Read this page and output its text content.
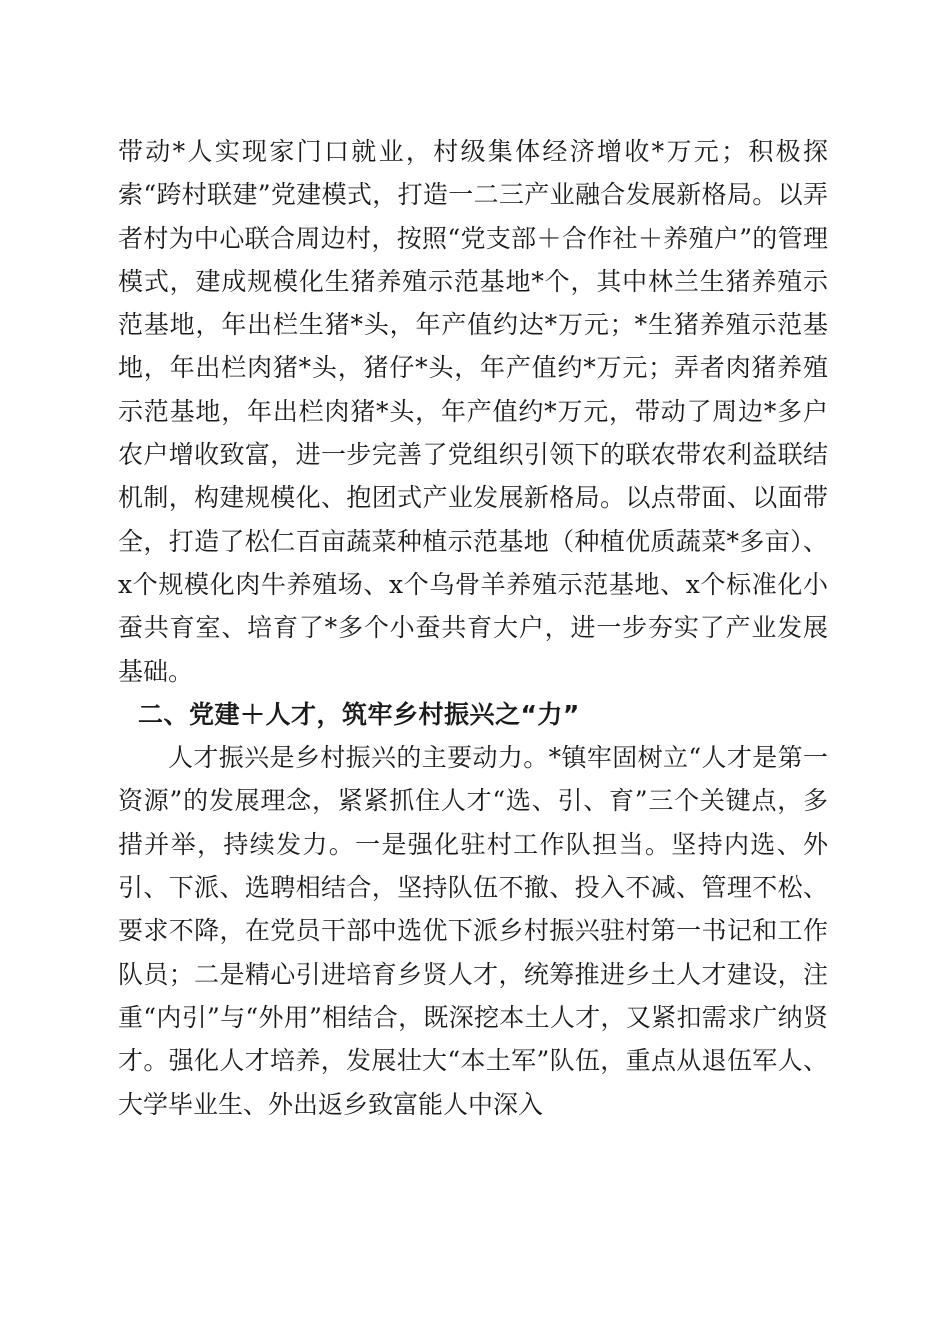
带动*人实现家门口就业，村级集体经济增收*万元；积极探索“跨村联建”党建模式，打造一二三产业融合发展新格局。以弄者村为中心联合周边村，按照“党支部＋合作社＋养殖户”的管理模式，建成规模化生猪养殖示范基地*个，其中林兰生猪养殖示范基地，年出栏生猪*头，年产值约达*万元；*生猪养殖示范基地，年出栏肉猪*头，猪仔*头，年产值约*万元；弄者肉猪养殖示范基地，年出栏肉猪*头，年产值约*万元，带动了周边*多户农户增收致富，进一步完善了党组织引领下的联农带农利益联结机制，构建规模化、抱团式产业发展新格局。以点带面、以面带全，打造了松仁百亩蔬菜种植示范基地（种植优质蔬菜*多亩）、x个规模化肉牛养殖场、x个乌骨羊养殖示范基地、x个标准化小蚕共育室、培育了*多个小蚕共育大户，进一步夯实了产业发展基础。

二、党建＋人才，筑牢乡村振兴之“力”

人才振兴是乡村振兴的主要动力。*镇牢固树立“人才是第一资源”的发展理念，紧紧抓住人才“选、引、育”三个关键点，多措并举，持续发力。一是强化驻村工作队担当。坚持内选、外引、下派、选聘相结合，坚持队伍不撤、投入不减、管理不松、要求不降，在党员干部中选优下派乡村振兴驻村第一书记和工作队员；二是精心引进培育乡贤人才，统筹推进乡土人才建设，注重“内引”与“外用”相结合，既深挖本土人才，又紧扣需求广纳贤才。强化人才培养，发展壮大“本土军”队伍，重点从退伍军人、大学毕业生、外出返乡致富能人中深入
